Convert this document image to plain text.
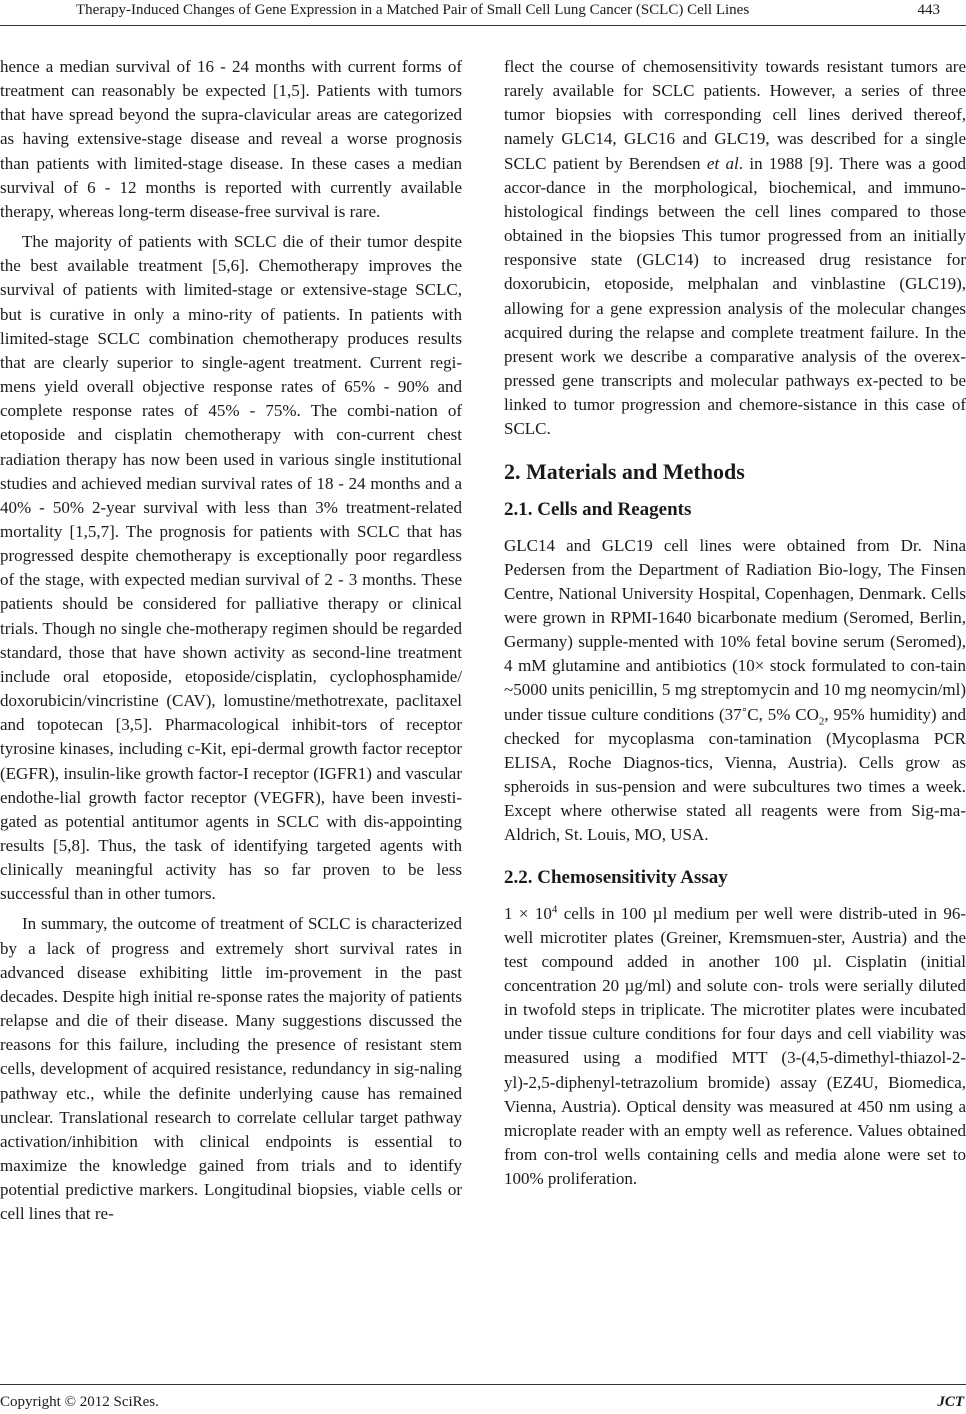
Therapy-Induced Changes of Gene Expression in a Matched Pair of Small Cell Lung Cancer (SCLC) Cell Lines	443

hence a median survival of 16 - 24 months with current forms of treatment can reasonably be expected [1,5]. Patients with tumors that have spread beyond the supra-clavicular areas are categorized as having extensive-stage disease and reveal a worse prognosis than patients with limited-stage disease. In these cases a median survival of 6 - 12 months is reported with currently available therapy, whereas long-term disease-free survival is rare.

The majority of patients with SCLC die of their tumor despite the best available treatment [5,6]. Chemotherapy improves the survival of patients with limited-stage or extensive-stage SCLC, but is curative in only a mino-rity of patients. In patients with limited-stage SCLC combination chemotherapy produces results that are clearly superior to single-agent treatment. Current regi-mens yield overall objective response rates of 65% - 90% and complete response rates of 45% - 75%. The combi-nation of etoposide and cisplatin chemotherapy with con-current chest radiation therapy has now been used in various single institutional studies and achieved median survival rates of 18 - 24 months and a 40% - 50% 2-year survival with less than 3% treatment-related mortality [1,5,7]. The prognosis for patients with SCLC that has progressed despite chemotherapy is exceptionally poor regardless of the stage, with expected median survival of 2 - 3 months. These patients should be considered for palliative therapy or clinical trials. Though no single che-motherapy regimen should be regarded standard, those that have shown activity as second-line treatment include oral etoposide, etoposide/cisplatin, cyclophosphamide/ doxorubicin/vincristine (CAV), lomustine/methotrexate, paclitaxel and topotecan [3,5]. Pharmacological inhibit-tors of receptor tyrosine kinases, including c-Kit, epi-dermal growth factor receptor (EGFR), insulin-like growth factor-I receptor (IGFR1) and vascular endothe-lial growth factor receptor (VEGFR), have been investi-gated as potential antitumor agents in SCLC with dis-appointing results [5,8]. Thus, the task of identifying targeted agents with clinically meaningful activity has so far proven to be less successful than in other tumors.

In summary, the outcome of treatment of SCLC is characterized by a lack of progress and extremely short survival rates in advanced disease exhibiting little im-provement in the past decades. Despite high initial re-sponse rates the majority of patients relapse and die of their disease. Many suggestions discussed the reasons for this failure, including the presence of resistant stem cells, development of acquired resistance, redundancy in sig-naling pathway etc., while the definite underlying cause has remained unclear. Translational research to correlate cellular target pathway activation/inhibition with clinical endpoints is essential to maximize the knowledge gained from trials and to identify potential predictive markers. Longitudinal biopsies, viable cells or cell lines that re-

flect the course of chemosensitivity towards resistant tumors are rarely available for SCLC patients. However, a series of three tumor biopsies with corresponding cell lines derived thereof, namely GLC14, GLC16 and GLC19, was described for a single SCLC patient by Berendsen et al. in 1988 [9]. There was a good accor-dance in the morphological, biochemical, and immuno-histological findings between the cell lines compared to those obtained in the biopsies This tumor progressed from an initially responsive state (GLC14) to increased drug resistance for doxorubicin, etoposide, melphalan and vinblastine (GLC19), allowing for a gene expression analysis of the molecular changes acquired during the relapse and complete treatment failure. In the present work we describe a comparative analysis of the overex-pressed gene transcripts and molecular pathways ex-pected to be linked to tumor progression and chemore-sistance in this case of SCLC.

2. Materials and Methods
2.1. Cells and Reagents

GLC14 and GLC19 cell lines were obtained from Dr. Nina Pedersen from the Department of Radiation Bio-logy, The Finsen Centre, National University Hospital, Copenhagen, Denmark. Cells were grown in RPMI-1640 bicarbonate medium (Seromed, Berlin, Germany) supple-mented with 10% fetal bovine serum (Seromed), 4 mM glutamine and antibiotics (10× stock formulated to con-tain ~5000 units penicillin, 5 mg streptomycin and 10 mg neomycin/ml) under tissue culture conditions (37˚C, 5% $CO_2$, 95% humidity) and checked for mycoplasma con-tamination (Mycoplasma PCR ELISA, Roche Diagnos-tics, Vienna, Austria). Cells grow as spheroids in sus-pension and were subcultures two times a week. Except where otherwise stated all reagents were from Sig-ma-Aldrich, St. Louis, MO, USA.

2.2. Chemosensitivity Assay

$1 \times 10^4$ cells in 100 µl medium per well were distrib-uted in 96-well microtiter plates (Greiner, Kremsmuen-ster, Austria) and the test compound added in another 100 µl. Cisplatin (initial concentration 20 µg/ml) and solute con- trols were serially diluted in twofold steps in triplicate. The microtiter plates were incubated under tissue culture conditions for four days and cell viability was measured using a modified MTT (3-(4,5-dimethyl-thiazol-2-yl)-2,5-diphenyl-tetrazolium bromide) assay (EZ4U, Biomedica, Vienna, Austria). Optical density was measured at 450 nm using a microplate reader with an empty well as reference. Values obtained from con-trol wells containing cells and media alone were set to 100% proliferation.

Copyright © 2012 SciRes.	JCT
